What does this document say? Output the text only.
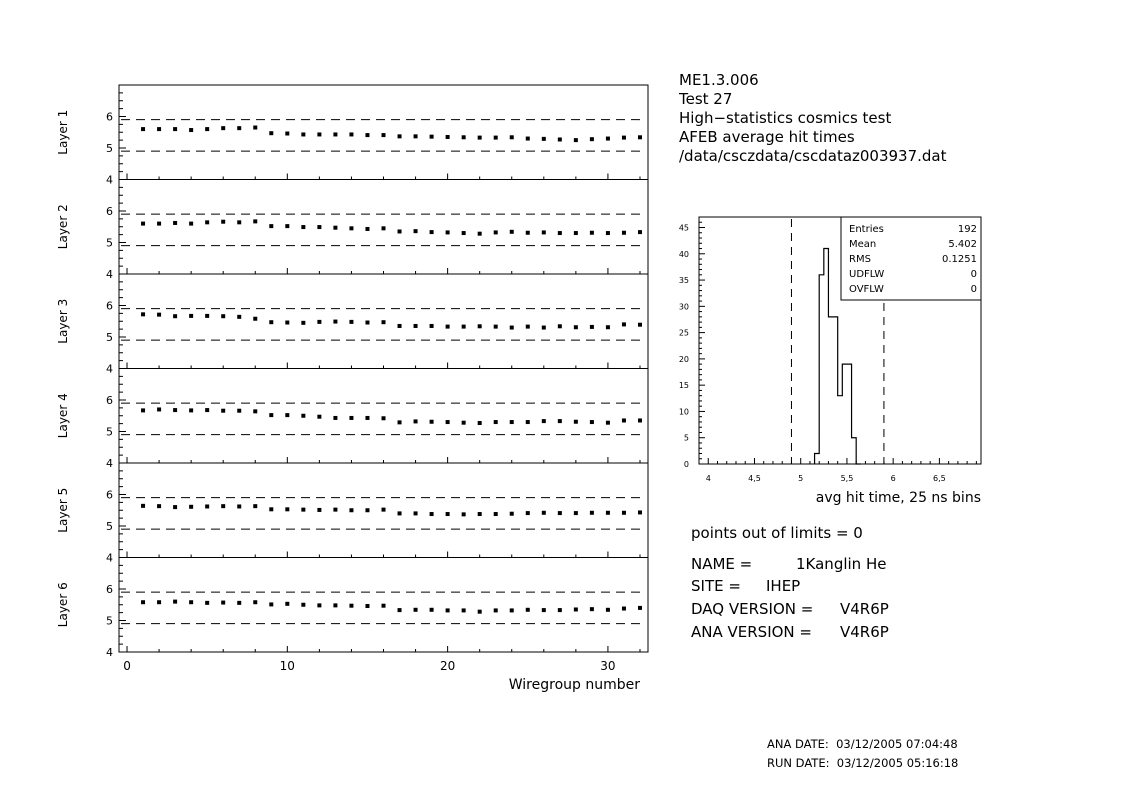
4
5
6
Layer 1
4
5
6
Layer 2
4
5
6
Layer 3
4
5
6
Layer 4
4
5
6
Layer 5
4
5
6
Layer 6
0	10	20	30
Wiregroup number
0
5
10
15
20
25
30
35
40
45
4	4,5	5	5,5	6	6,5
avg hit time, 25 ns bins
Entries	192
Mean	5.402
RMS	0.1251
UDFLW	0
OVFLW	0
ME1.3.006
Test 27
High−statistics cosmics test
AFEB average hit times
/data/csczdata/cscdataz003937.dat
points out of limits = 0
NAME =	1Kanglin He
SITE = IHEP
DAQ VERSION = V4R6P
ANA VERSION = V4R6P
ANA DATE:  03/12/2005 07:04:48
RUN DATE:  03/12/2005 05:16:18
